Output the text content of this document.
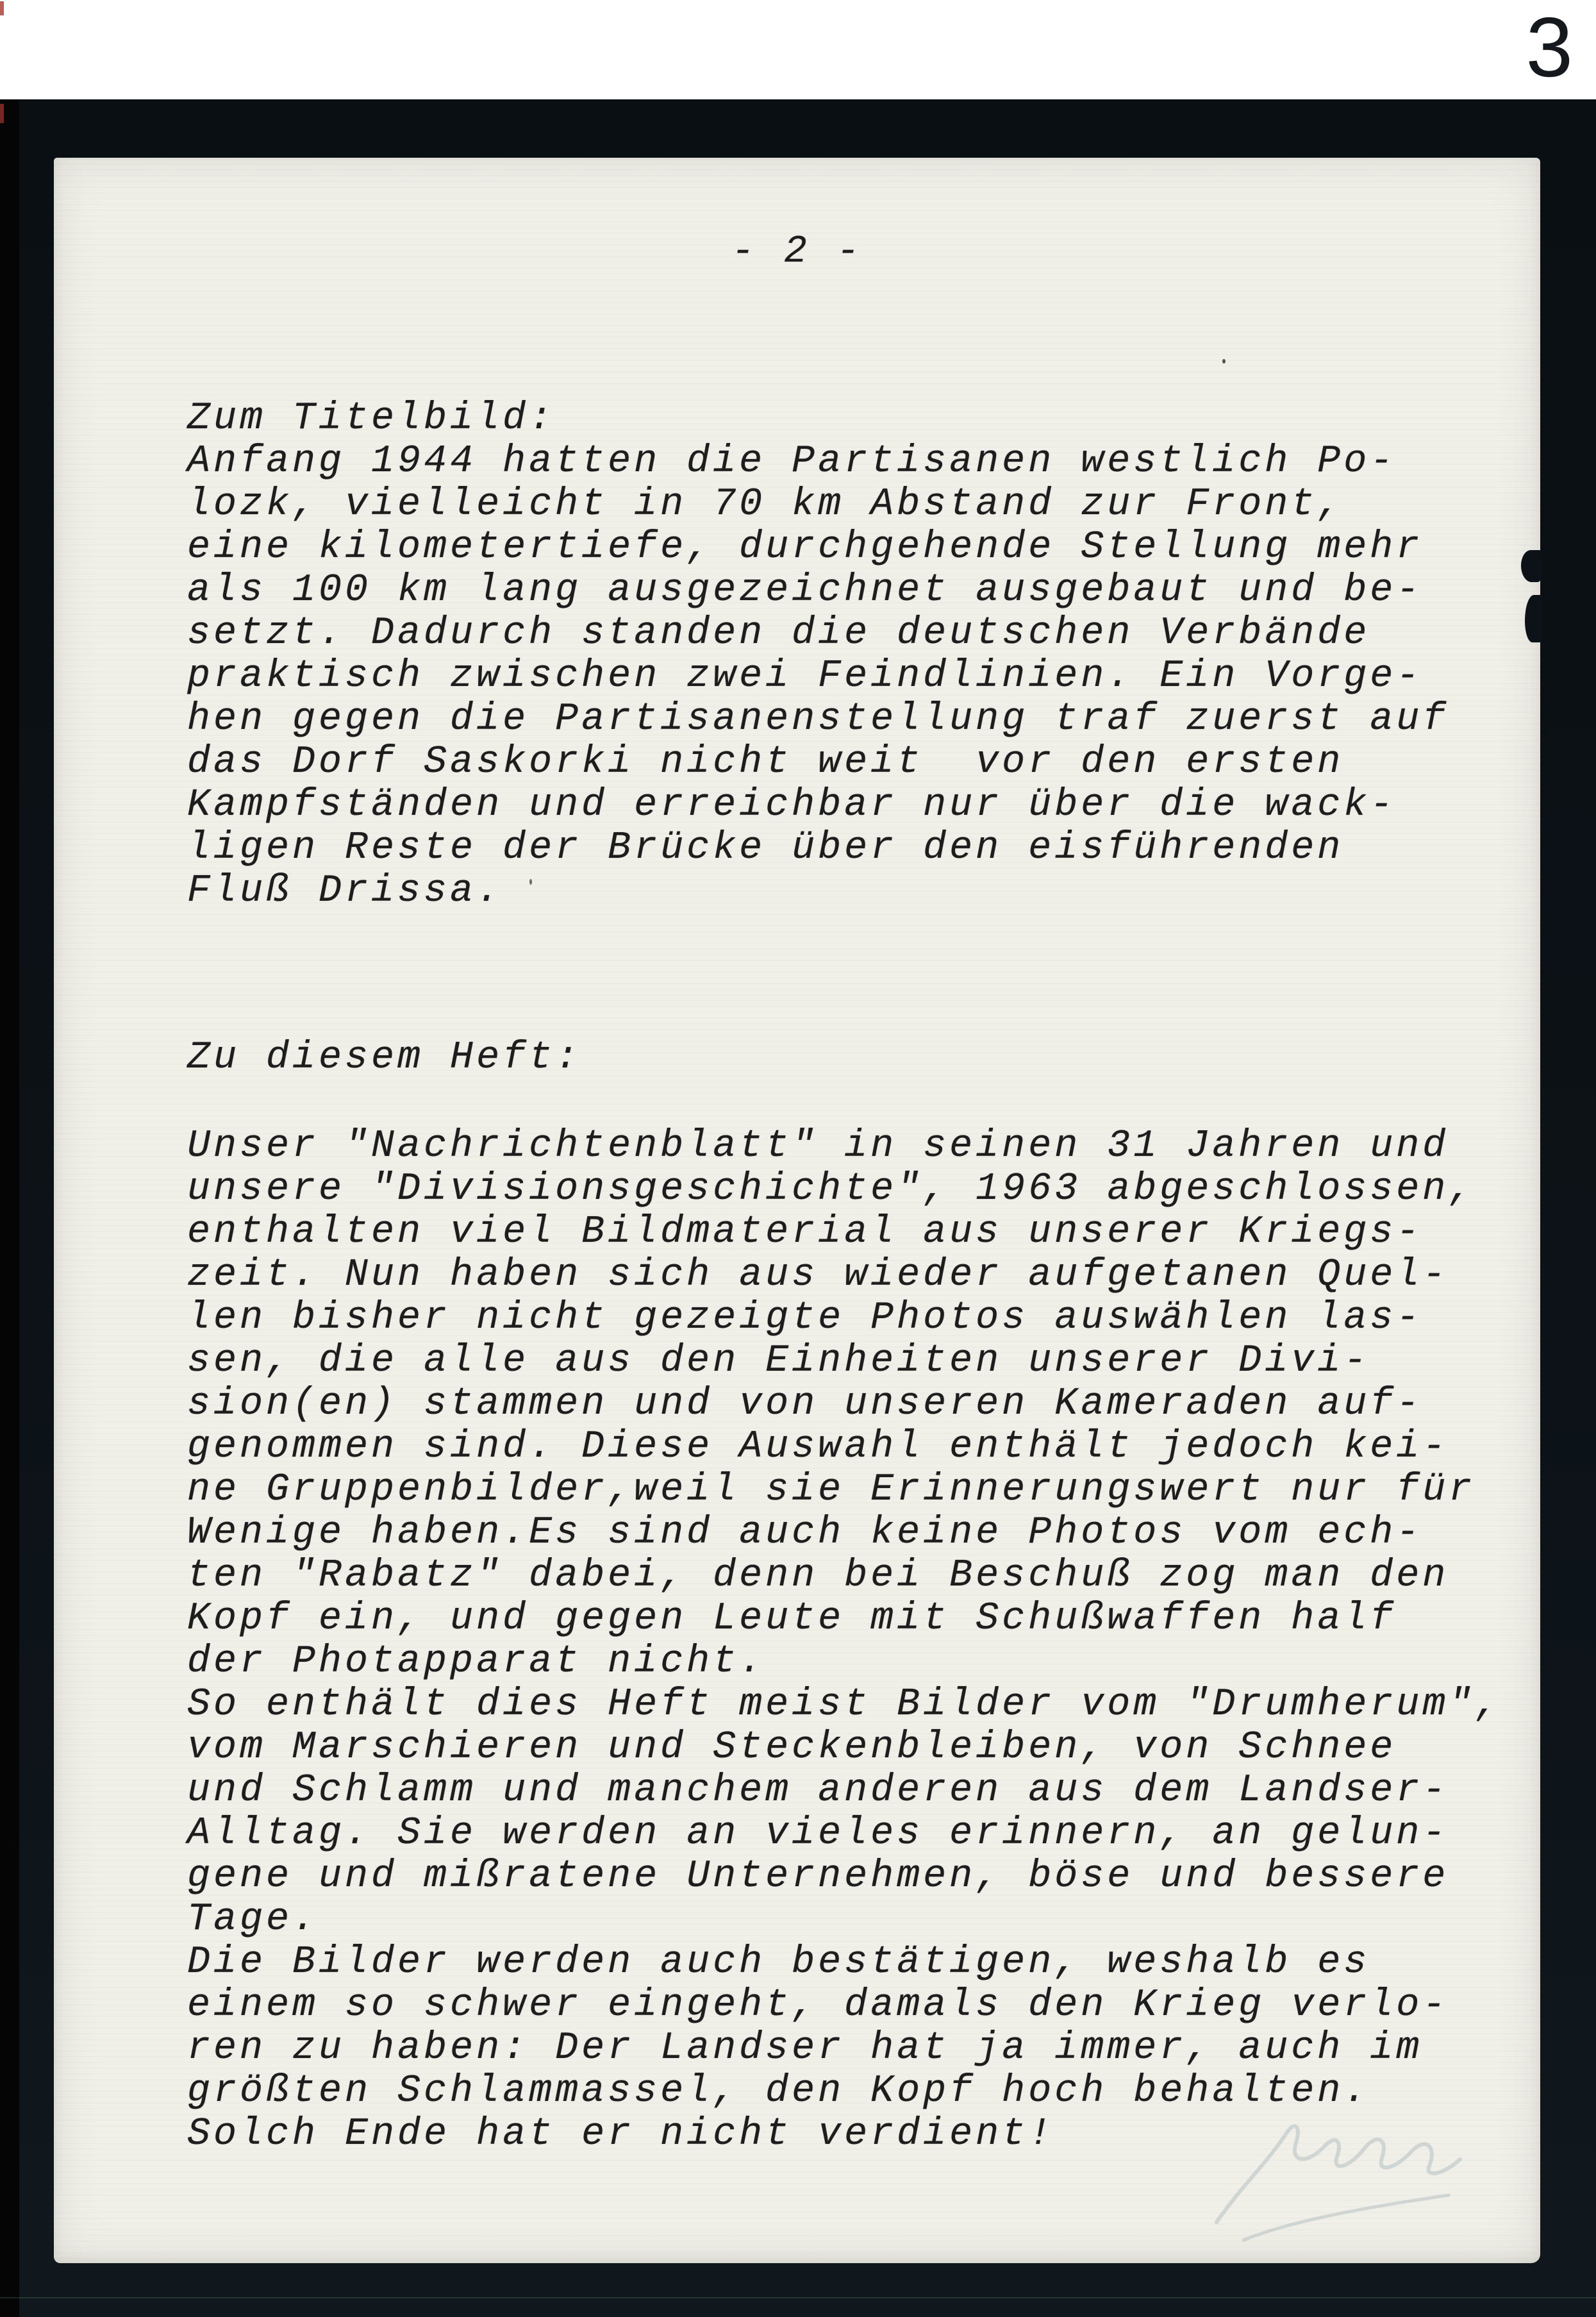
3
- 2 -
Zum Titelbild:
Anfang 1944 hatten die Partisanen westlich Po-
lozk, vielleicht in 70 km Abstand zur Front,
eine kilometertiefe, durchgehende Stellung mehr
als 100 km lang ausgezeichnet ausgebaut und be-
setzt. Dadurch standen die deutschen Verbände
praktisch zwischen zwei Feindlinien. Ein Vorge-
hen gegen die Partisanenstellung traf zuerst auf
das Dorf Saskorki nicht weit  vor den ersten
Kampfständen und erreichbar nur über die wack-
ligen Reste der Brücke über den eisführenden
Fluß Drissa.
Zu diesem Heft:
Unser "Nachrichtenblatt" in seinen 31 Jahren und
unsere "Divisionsgeschichte", 1963 abgeschlossen,
enthalten viel Bildmaterial aus unserer Kriegs-
zeit. Nun haben sich aus wieder aufgetanen Quel-
len bisher nicht gezeigte Photos auswählen las-
sen, die alle aus den Einheiten unserer Divi-
sion(en) stammen und von unseren Kameraden auf-
genommen sind. Diese Auswahl enthält jedoch kei-
ne Gruppenbilder,weil sie Erinnerungswert nur für
Wenige haben.Es sind auch keine Photos vom ech-
ten "Rabatz" dabei, denn bei Beschuß zog man den
Kopf ein, und gegen Leute mit Schußwaffen half
der Photapparat nicht.
So enthält dies Heft meist Bilder vom "Drumherum",
vom Marschieren und Steckenbleiben, von Schnee
und Schlamm und manchem anderen aus dem Landser-
Alltag. Sie werden an vieles erinnern, an gelun-
gene und mißratene Unternehmen, böse und bessere
Tage.
Die Bilder werden auch bestätigen, weshalb es
einem so schwer eingeht, damals den Krieg verlo-
ren zu haben: Der Landser hat ja immer, auch im
größten Schlammassel, den Kopf hoch behalten.
Solch Ende hat er nicht verdient!
